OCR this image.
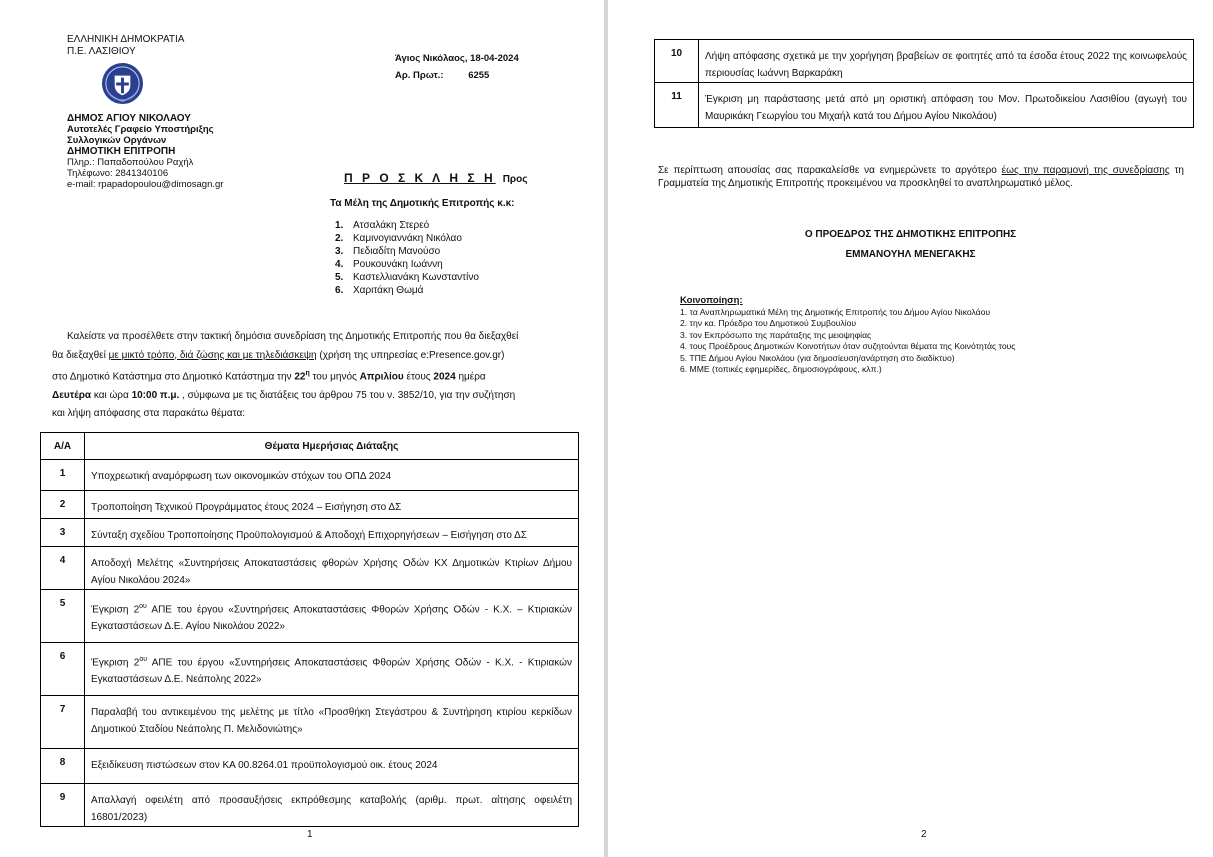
ΕΛΛΗΝΙΚΗ ΔΗΜΟΚΡΑΤΙΑ
Π.Ε. ΛΑΣΙΘΙΟΥ
ΔΗΜΟΣ ΑΓΙΟΥ ΝΙΚΟΛΑΟΥ
Αυτοτελές Γραφείο Υποστήριξης
Συλλογικών Οργάνων
ΔΗΜΟΤΙΚΗ ΕΠΙΤΡΟΠΗ
Πληρ.: Παπαδοπούλου Ραχήλ
Τηλέφωνο: 2841340106
e-mail: rpapadopoulou@dimosagn.gr
Άγιος Νικόλαος, 18-04-2024
Αρ. Πρωτ.:	6255
Π Ρ Ο Σ Κ Λ Η Σ Η Προς
Τα Μέλη της Δημοτικής Επιτροπής κ.κ:
1. Ατσαλάκη Στερεό
2. Καμινογιαννάκη Νικόλαο
3. Πεδιαδίτη Μανούσο
4. Ρουκουνάκη Ιωάννη
5. Καστελλιανάκη Κωνσταντίνο
6. Χαριτάκη Θωμά
Καλείστε να προσέλθετε στην τακτική δημόσια συνεδρίαση της Δημοτικής Επιτροπής που θα διεξαχθεί
θα διεξαχθεί με μικτό τρόπο, διά ζώσης και με τηλεδιάσκεψη (χρήση της υπηρεσίας e:Presence.gov.gr)
στο Δημοτικό Κατάστημα στο Δημοτικό Κατάστημα την $22^\eta$ του μηνός Απριλίου έτους 2024 ημέρα
Δευτέρα και ώρα 10:00 π.μ. , σύμφωνα με τις διατάξεις του άρθρου 75 του ν. 3852/10, για την συζήτηση
και λήψη απόφασης στα παρακάτω θέματα:
Α/Α	Θέματα Ημερήσιας Διάταξης
1	Υποχρεωτική αναμόρφωση των οικονομικών στόχων του ΟΠΔ 2024
2	Τροποποίηση Τεχνικού Προγράμματος έτους 2024 – Εισήγηση στο ΔΣ
3	Σύνταξη σχεδίου Τροποποίησης Προϋπολογισμού & Αποδοχή Επιχορηγήσεων – Εισήγηση στο ΔΣ
4	Αποδοχή Μελέτης «Συντηρήσεις Αποκαταστάσεις φθορών Χρήσης Οδών ΚΧ Δημοτικών Κτιρίων Δήμου Αγίου Νικολάου 2024»
5	Έγκριση $2^{o\upsilon}$ ΑΠΕ του έργου «Συντηρήσεις Αποκαταστάσεις Φθορών Χρήσης Οδών - Κ.Χ. – Κτιριακών Εγκαταστάσεων Δ.Ε. Αγίου Νικολάου 2022»
6	Έγκριση $2^{o\upsilon}$ ΑΠΕ του έργου «Συντηρήσεις Αποκαταστάσεις Φθορών Χρήσης Οδών - Κ.Χ. - Κτιριακών Εγκαταστάσεων Δ.Ε. Νεάπολης 2022»
7	Παραλαβή του αντικειμένου της μελέτης με τίτλο «Προσθήκη Στεγάστρου & Συντήρηση κτιρίου κερκίδων Δημοτικού Σταδίου Νεάπολης Π. Μελιδονιώτης»
8	Εξειδίκευση πιστώσεων στον ΚΑ 00.8264.01 προϋπολογισμού οικ. έτους 2024
9	Απαλλαγή οφειλέτη από προσαυξήσεις εκπρόθεσμης καταβολής (αριθμ. πρωτ. αίτησης οφειλέτη 16801/2023)
1
10	Λήψη απόφασης σχετικά με την χορήγηση βραβείων σε φοιτητές από τα έσοδα έτους 2022 της κοινωφελούς περιουσίας Ιωάννη Βαρκαράκη
11	Έγκριση μη παράστασης μετά από μη οριστική απόφαση του Μον. Πρωτοδικείου Λασιθίου (αγωγή του Μαυρικάκη Γεωργίου του Μιχαήλ κατά του Δήμου Αγίου Νικολάου)
Σε περίπτωση απουσίας σας παρακαλείσθε να ενημερώνετε το αργότερο έως την παραμονή της συνεδρίασης τη Γραμματεία της Δημοτικής Επιτροπής προκειμένου να προσκληθεί το αναπληρωματικό μέλος.
Ο ΠΡΟΕΔΡΟΣ ΤΗΣ ΔΗΜΟΤΙΚΗΣ ΕΠΙΤΡΟΠΗΣ
ΕΜΜΑΝΟΥΗΛ ΜΕΝΕΓΑΚΗΣ
Κοινοποίηση:
1. τα Αναπληρωματικά Μέλη της Δημοτικής Επιτροπής του Δήμου Αγίου Νικολάου
2. την κα. Πρόεδρο του Δημοτικού Συμβουλίου
3. τον Εκπρόσωπο της παράταξης της μειοψηφίας
4. τους Προέδρους Δημοτικών Κοινοτήτων όταν συζητούνται θέματα της Κοινότητάς τους
5. ΤΠΕ Δήμου Αγίου Νικολάου (για δημοσίευση/ανάρτηση στο διαδίκτυο)
6. ΜΜΕ (τοπικές εφημερίδες, δημοσιογράφους, κλπ.)
2
